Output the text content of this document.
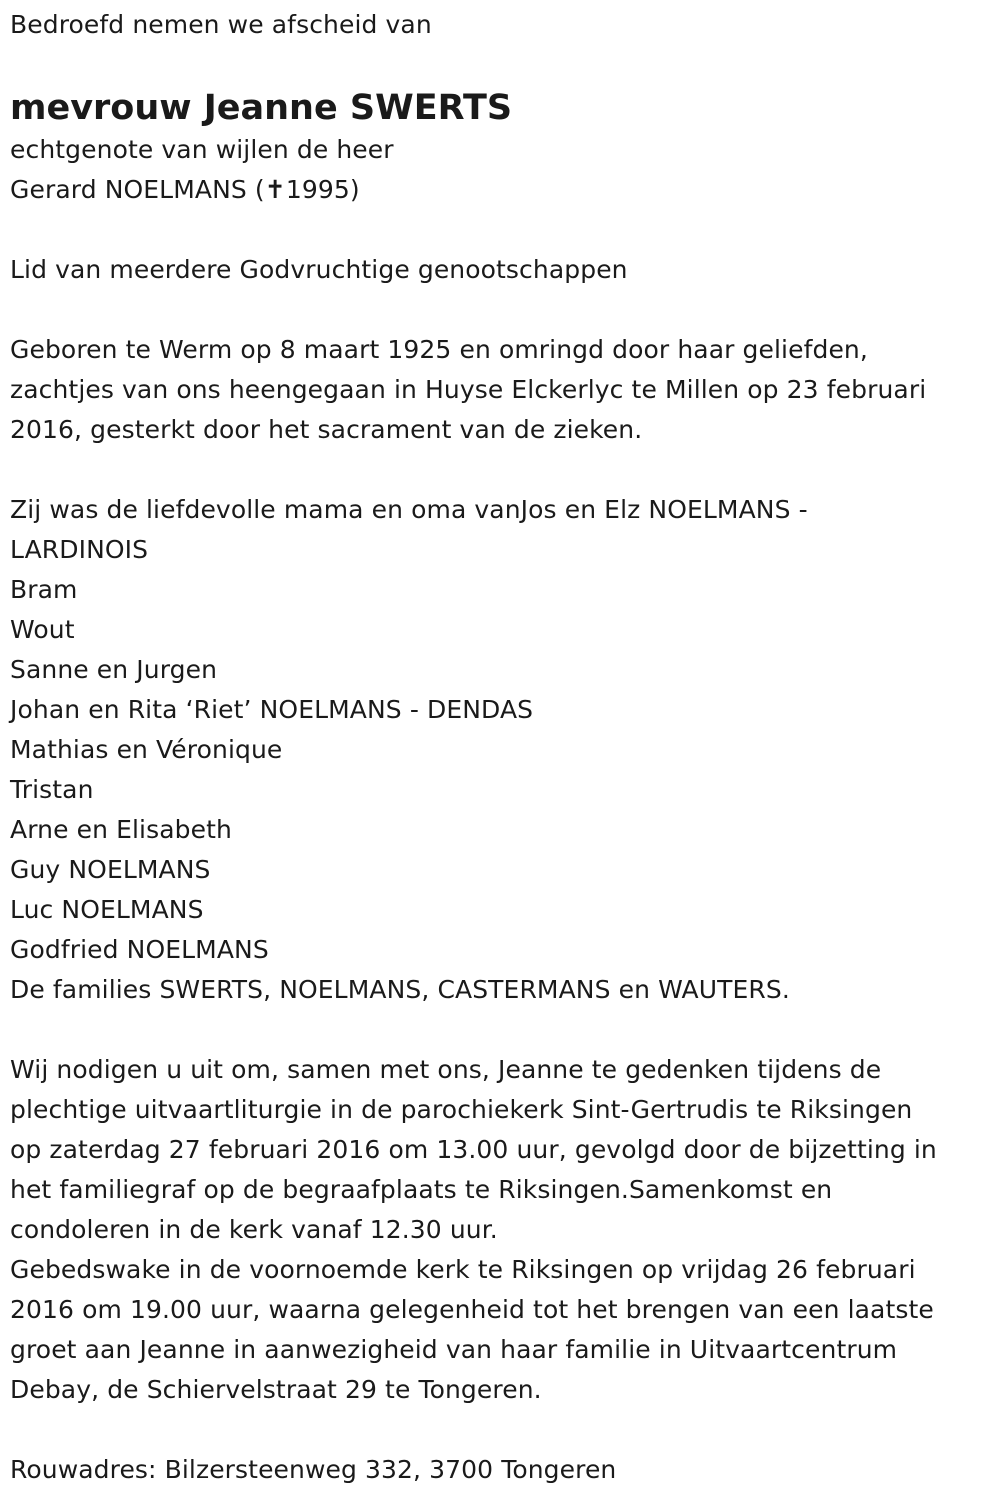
Bedroefd nemen we afscheid van
mevrouw Jeanne SWERTS
echtgenote van wijlen de heer
Gerard NOELMANS (✝1995)
Lid van meerdere Godvruchtige genootschappen
Geboren te Werm op 8 maart 1925 en omringd door haar geliefden,
zachtjes van ons heengegaan in Huyse Elckerlyc te Millen op 23 februari
2016, gesterkt door het sacrament van de zieken.
Zij was de liefdevolle mama en oma vanJos en Elz NOELMANS -
LARDINOIS
Bram
Wout
Sanne en Jurgen
Johan en Rita ‘Riet’ NOELMANS - DENDAS
Mathias en Véronique
Tristan
Arne en Elisabeth
Guy NOELMANS
Luc NOELMANS
Godfried NOELMANS
De families SWERTS, NOELMANS, CASTERMANS en WAUTERS.
Wij nodigen u uit om, samen met ons, Jeanne te gedenken tijdens de
plechtige uitvaartliturgie in de parochiekerk Sint-Gertrudis te Riksingen
op zaterdag 27 februari 2016 om 13.00 uur, gevolgd door de bijzetting in
het familiegraf op de begraafplaats te Riksingen.Samenkomst en
condoleren in de kerk vanaf 12.30 uur.
Gebedswake in de voornoemde kerk te Riksingen op vrijdag 26 februari
2016 om 19.00 uur, waarna gelegenheid tot het brengen van een laatste
groet aan Jeanne in aanwezigheid van haar familie in Uitvaartcentrum
Debay, de Schiervelstraat 29 te Tongeren.
Rouwadres: Bilzersteenweg 332, 3700 Tongeren
